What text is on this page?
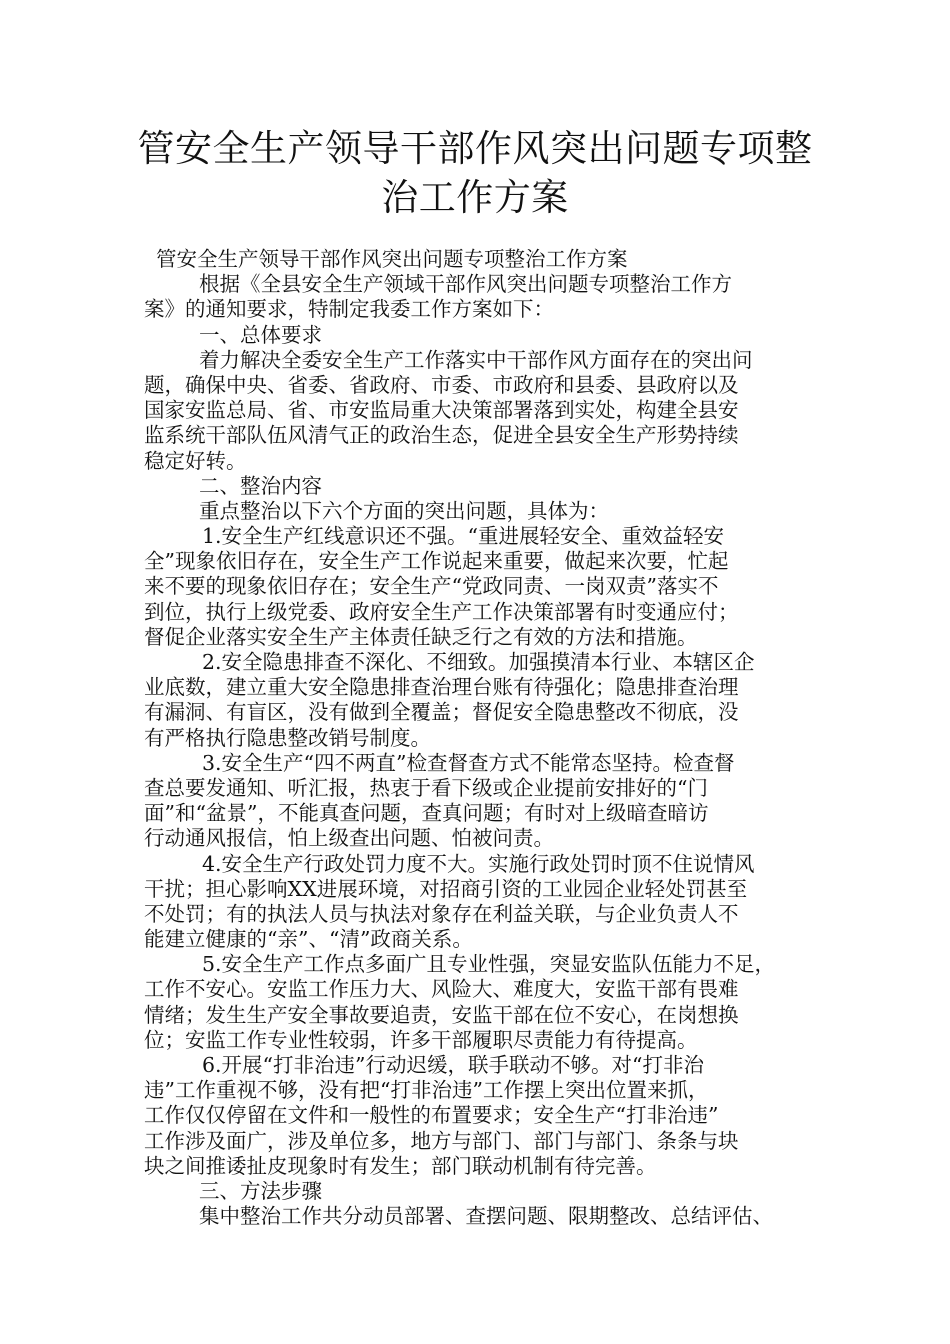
管安全生产领导干部作风突出问题专项整
治工作方案
管安全生产领导干部作风突出问题专项整治工作方案
根据《全县安全生产领域干部作风突出问题专项整治工作方
案》的通知要求，特制定我委工作方案如下：
一、总体要求
着力解决全委安全生产工作落实中干部作风方面存在的突出问
题，确保中央、省委、省政府、市委、市政府和县委、县政府以及
国家安监总局、省、市安监局重大决策部署落到实处，构建全县安
监系统干部队伍风清气正的政治生态，促进全县安全生产形势持续
稳定好转。
二、整治内容
重点整治以下六个方面的突出问题，具体为：
1.安全生产红线意识还不强。“重进展轻安全、重效益轻安
全”现象依旧存在，安全生产工作说起来重要，做起来次要，忙起
来不要的现象依旧存在；安全生产“党政同责、一岗双责”落实不
到位，执行上级党委、政府安全生产工作决策部署有时变通应付；
督促企业落实安全生产主体责任缺乏行之有效的方法和措施。
2.安全隐患排查不深化、不细致。加强摸清本行业、本辖区企
业底数，建立重大安全隐患排查治理台账有待强化；隐患排查治理
有漏洞、有盲区，没有做到全覆盖；督促安全隐患整改不彻底，没
有严格执行隐患整改销号制度。
3.安全生产“四不两直”检查督查方式不能常态坚持。检查督
查总要发通知、听汇报，热衷于看下级或企业提前安排好的“门
面”和“盆景”，不能真查问题，查真问题；有时对上级暗查暗访
行动通风报信，怕上级查出问题、怕被问责。
4.安全生产行政处罚力度不大。实施行政处罚时顶不住说情风
干扰；担心影响XX进展环境，对招商引资的工业园企业轻处罚甚至
不处罚；有的执法人员与执法对象存在利益关联，与企业负责人不
能建立健康的“亲”、“清”政商关系。
5.安全生产工作点多面广且专业性强，突显安监队伍能力不足，
工作不安心。安监工作压力大、风险大、难度大，安监干部有畏难
情绪；发生生产安全事故要追责，安监干部在位不安心，在岗想换
位；安监工作专业性较弱，许多干部履职尽责能力有待提高。
6.开展“打非治违”行动迟缓，联手联动不够。对“打非治
违”工作重视不够，没有把“打非治违”工作摆上突出位置来抓，
工作仅仅停留在文件和一般性的布置要求；安全生产“打非治违”
工作涉及面广，涉及单位多，地方与部门、部门与部门、条条与块
块之间推诿扯皮现象时有发生；部门联动机制有待完善。
三、方法步骤
集中整治工作共分动员部署、查摆问题、限期整改、总结评估、
